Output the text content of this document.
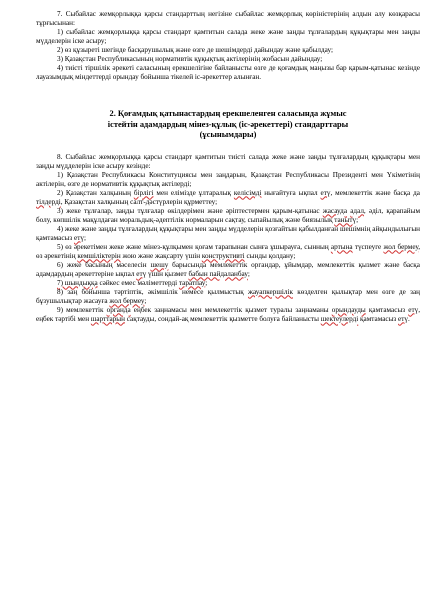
7. Сыбайлас жемқорлыққа қарсы стандарттың негізіне сыбайлас жемқорлық көріністерінің алдын алу көзқарасы тұрғысынан:

1) сыбайлас жемқорлыққа қарсы стандарт қамтитын салада жеке және заңды тұлғалардың құқықтары мен заңды мүдделерін іске асыру;

2) өз құзыреті шегінде басқарушылық және өзге де шешімдерді дайындау және қабылдау;

3) Қазақстан Республикасының нормативтік құқықтық актілерінің жобасын дайындау;

4) тиісті тіршілік әрекеті саласының ерекшелігіне байланысты өзге де қоғамдық маңызы бар қарым-қатынас кезінде лауазымдық міндеттерді орындау бойынша тікелей іс-әрекеттер алынған.

2. Қоғамдық қатынастардың ерекшеленген саласында жұмыс

істейтін адамдардың мінез-құлық (іс-әрекеттері) стандарттары

(ұсынымдары)

8. Сыбайлас жемқорлыққа қарсы стандарт қамтитын тиісті салада жеке және заңды тұлғалардың құқықтары мен заңды мүдделерін іске асыру кезінде:

1) Қазақстан Республикасы Конституциясы мен заңдарын, Қазақстан Республикасы Президенті мен Үкіметінің актілерін, өзге де нормативтік құқықтық актілерді;

2) Қазақстан халқының бірлігі мен елімізде ұлтаралық келісімді нығайтуға ықпал етү, мемлекеттік және басқа да тілдерді, Қазақстан халқының салт-дәстүрлерін құрметтеу;

3) жеке тұлғалар, заңды тұлғалар өкілдерімен және әріптестермен қарым-қатынас жасауда адал, әділ, қарапайым болу, көпшілік мақұлдаған моральдық-әдептілік нормаларын сақтау, сыпайылық және биязылық танытү;

4) жеке және заңды тұлғалардың құқықтары мен заңды мүдделерін қозғайтын қабылданған шешімнің айқындылығын қамтамасыз етү;

5) өз әрекетімен жеке және мінез-құлқымен қоғам тарапынан сынға ұшырауға, сынның артына түспеуге жол бермеу, өз әрекетінің кемшіліктерін жою және жақсарту үшін конструктивті сынды қолдану;

6) жеке басының мәселесін шешу барысында мемлекеттік органдар, ұйымдар, мемлекеттік қызмет және басқа адамдардың әрекеттеріне ықпал етү үшін қызмет бабын пайдаланбау;

7) шындыққа сәйкес емес мәліметтерді таратпау;

8) заң бойынша тәртіптік, әкімшілік немесе қылмыстық жауапкершілік көзделген қылықтар мен өзге де заң бұзушылықтар жасауға жол бермеу;

9) мемлекеттік органда еңбек заңнамасы мен мемлекеттік қызмет туралы заңнаманы орындауды қамтамасыз етү, еңбек тәртібі мен шарттарын сақтауды, сондай-ақ мемлекеттік қызметте болуға байланысты шектеулерді қамтамасыз етү.
